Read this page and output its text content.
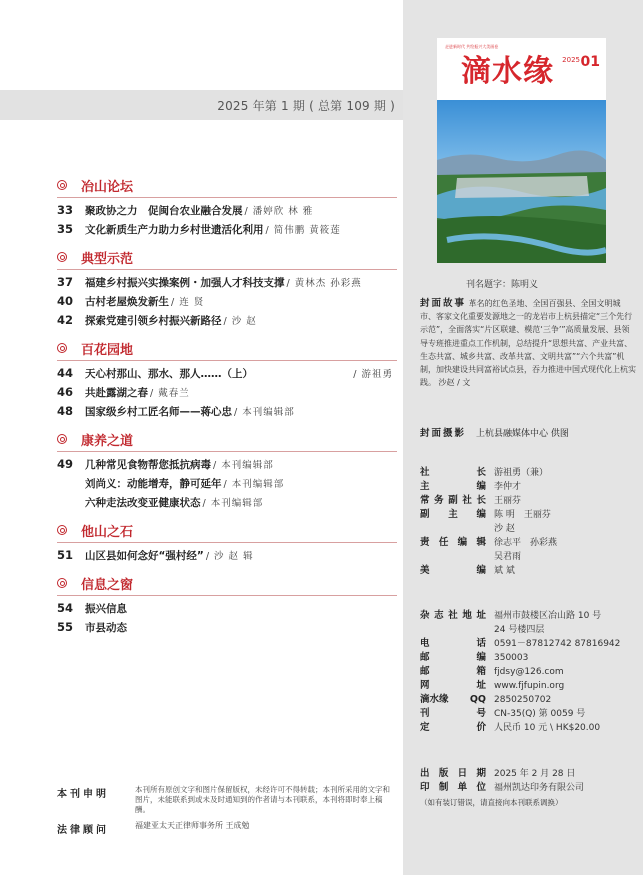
2025 年第 1 期 ( 总第 109 期 )
冶山论坛
33	聚政协之力　促闽台农业融合发展 / 潘婷欣 林 雅
35	文化新质生产力助力乡村世遗活化利用 / 简伟鹏 黄筱莲
典型示范
37	福建乡村振兴实操案例・加强人才科技支撑 / 黄林杰 孙彩燕
40	古村老屋焕发新生 / 连 贤
42	探索党建引领乡村振兴新路径 / 沙 赵
百花园地
44	天心村那山、那水、那人……（上）	/ 游祖勇
46	共赴露湖之春 / 戴春兰
48	国家级乡村工匠名师——蒋心忠 / 本刊编辑部
康养之道
49	几种常见食物帮您抵抗病毒 / 本刊编辑部
刘尚义：动能增寿，静可延年 / 本刊编辑部
六种走法改变亚健康状态 / 本刊编辑部
他山之石
51	山区县如何念好“强村经” / 沙 赵 辑
信息之窗
54	振兴信息
55	市县动态
本刊申明	本刊所有原创文字和图片保留版权，未经许可不得转载；本刊所采用的文字和图片，未能联系到或未及时通知到的作者请与本刊联系，本刊将即时奉上稿酬。
法律顾问	福建亚太天正律师事务所 王成勉
走进新时代 共绘振兴大美画卷
滴水缘 2025 01
刊名题字：陈明义
封面故事 革名的红色圣地、全国百强县、全国文明城市、客家文化重要发源地之一的龙岩市上杭县描定“三个先行示范”，全面落实“片区联建、模范‘三争’”高质量发展、县领导专班推进重点工作机制，总结提升“思想共富、产业共富、生态共富、城乡共富、改革共富、文明共富”“六个共富”机制，加快建设共同富裕试点县，吞力推进中国式现代化上杭实践。 沙赵 / 文
封面摄影 上杭县融媒体中心 供图
社	长 游祖勇（兼）
主	编 李仲才
常 务 副 社 长 王丽芬
副 主 编 陈 明　王丽芬
沙 赵
责 任 编 辑 徐志平　孙彩燕
吴君雨
美	编 斌 斌
杂 志 社 地 址 福州市鼓楼区冶山路 10 号
24 号楼四层
电	话 0591－87812742 87816942
邮	编 350003
邮	箱 fjdsy@126.com
网	址 www.fjfupin.org
滴水缘 QQ 2850250702
刊	号 CN-35(Q) 第 0059 号
定	价 人民币 10 元 \ HK$20.00
出 版 日 期 2025 年 2 月 28 日
印 制 单 位 福州凯达印务有限公司
（如有装订错误，请直接向本刊联系调换）
